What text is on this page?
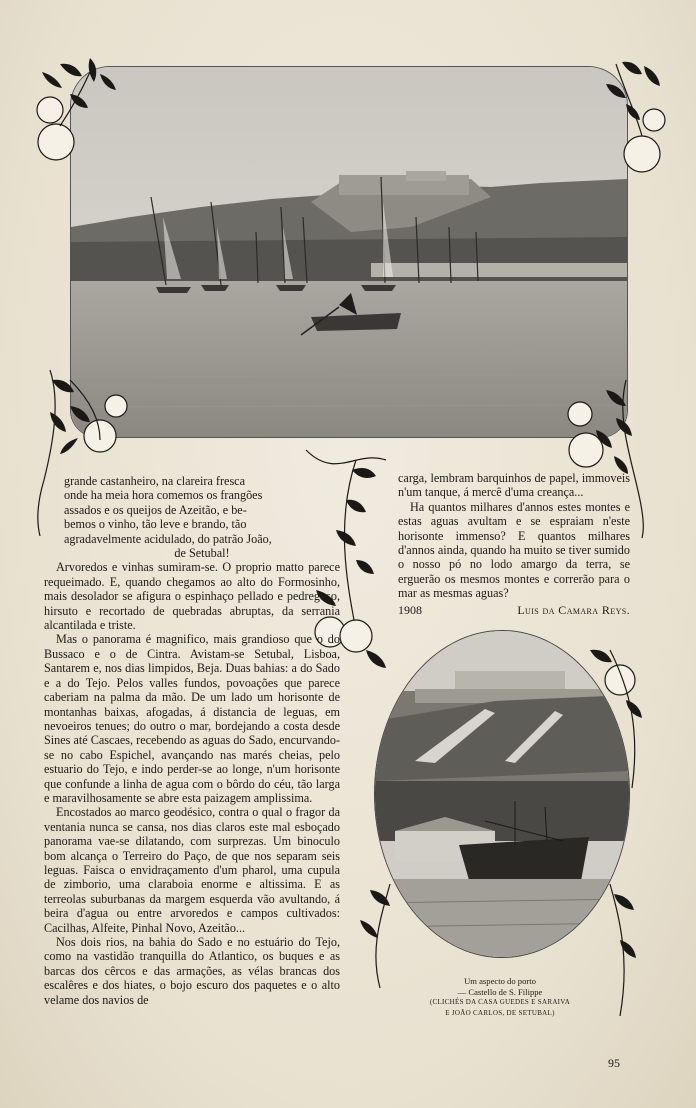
grande castanheiro, na clareira fresca

onde ha meia hora comemos os frangões

assados e os queijos de Azeitão, e be-

bemos o vinho, tão leve e brando, tão

agradavelmente acidulado, do patrão João,

de Setubal!

Arvoredos e vinhas sumiram-se. O proprio matto parece requeimado. E, quando chegamos ao alto do Formosinho, mais desolador se afigura o espinhaço pellado e pedregoso, hirsuto e recortado de quebradas abruptas, da serrania alcantilada e triste.

Mas o panorama é magnifico, mais grandioso que o do Bussaco e o de Cintra. Avistam-se Setubal, Lisboa, Santarem e, nos dias limpidos, Beja. Duas bahias: a do Sado e a do Tejo. Pelos valles fundos, povoações que parece caberiam na palma da mão. De um lado um horisonte de montanhas baixas, afogadas, á distancia de leguas, em nevoeiros tenues; do outro o mar, bordejando a costa desde Sines até Cascaes, recebendo as aguas do Sado, encurvando-se no cabo Espichel, avançando nas marés cheias, pelo estuario do Tejo, e indo perder-se ao longe, n'um horisonte que confunde a linha de agua com o bôrdo do céu, tão larga e maravilhosamente se abre esta paizagem amplissima.

Encostados ao marco geodésico, contra o qual o fragor da ventania nunca se cansa, nos dias claros este mal esboçado panorama vae-se dilatando, com surprezas. Um binoculo bom alcança o Terreiro do Paço, de que nos separam seis leguas. Faisca o envidraçamento d'um pharol, uma cupula de zimborio, uma claraboia enorme e altissima. E as terreolas suburbanas da margem esquerda vão avultando, á beira d'agua ou entre arvoredos e campos cultivados: Cacilhas, Alfeite, Pinhal Novo, Azeitão...

Nos dois rios, na bahia do Sado e no estuário do Tejo, como na vastidão tranquilla do Atlantico, os buques e as barcas dos cêrcos e das armações, as vélas brancas dos escalêres e dos hiates, o bojo escuro dos paquetes e o alto velame dos navios de

carga, lembram barquinhos de papel, immoveis n'um tanque, á mercê d'uma creança...

Ha quantos milhares d'annos estes montes e estas aguas avultam e se espraiam n'este horisonte immenso? E quantos milhares d'annos ainda, quando ha muito se tiver sumido o nosso pó no lodo amargo da terra, se erguerão os mesmos montes e correrão para o mar as mesmas aguas?

1908	Luis da Camara Reys.
Um aspecto do porto
— Castello de S. Filippe
(CLICHÉS DA CASA GUEDES E SARAIVA
E JOÃO CARLOS, DE SETUBAL)
95
